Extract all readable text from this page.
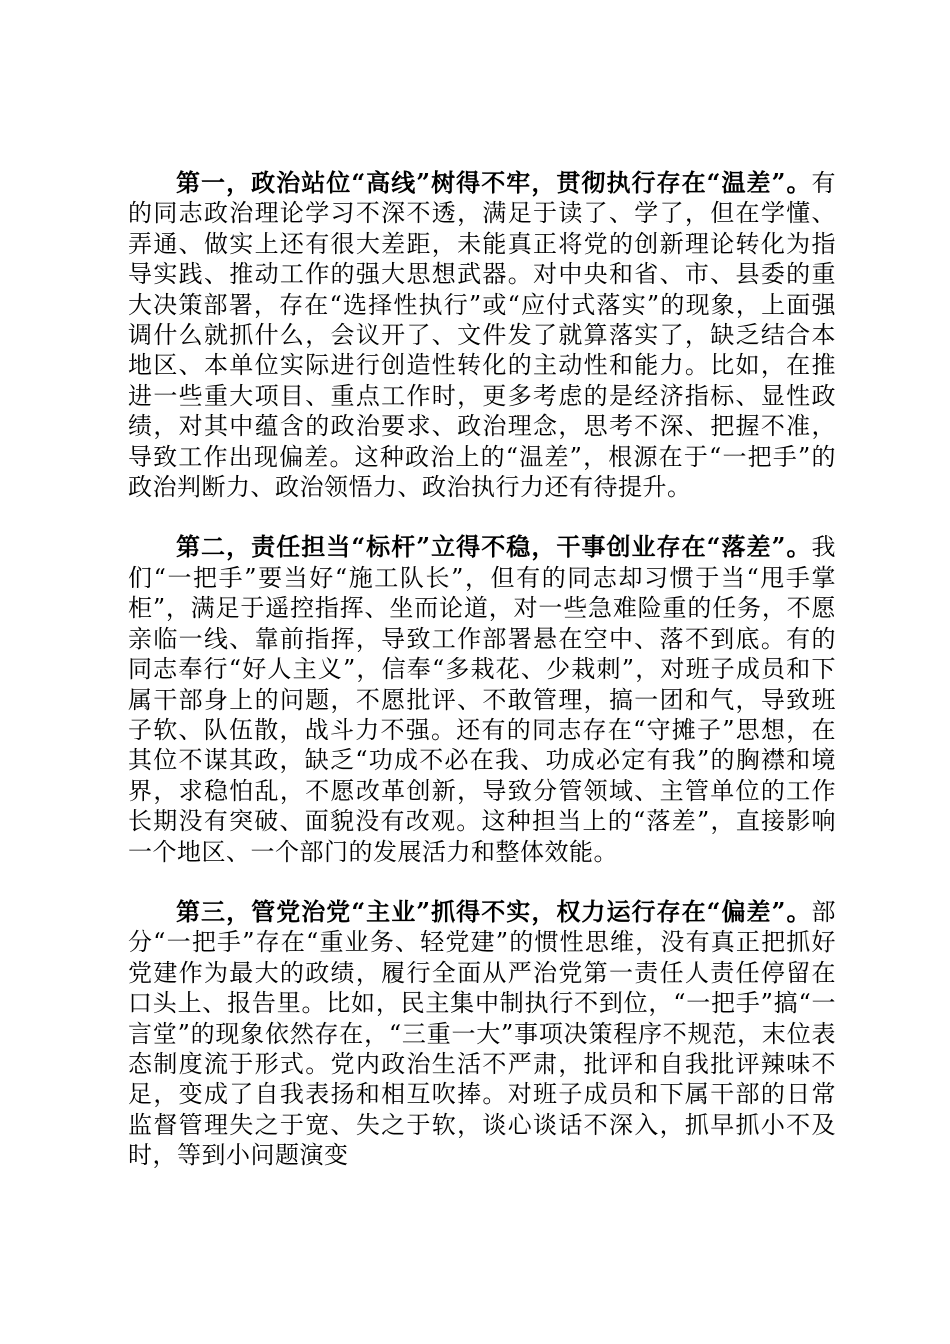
第一，政治站位“高线”树得不牢，贯彻执行存在“温差”。有的同志政治理论学习不深不透，满足于读了、学了，但在学懂、弄通、做实上还有很大差距，未能真正将党的创新理论转化为指导实践、推动工作的强大思想武器。对中央和省、市、县委的重大决策部署，存在“选择性执行”或“应付式落实”的现象，上面强调什么就抓什么，会议开了、文件发了就算落实了，缺乏结合本地区、本单位实际进行创造性转化的主动性和能力。比如，在推进一些重大项目、重点工作时，更多考虑的是经济指标、显性政绩，对其中蕴含的政治要求、政治理念，思考不深、把握不准，导致工作出现偏差。这种政治上的“温差”，根源在于“一把手”的政治判断力、政治领悟力、政治执行力还有待提升。

第二，责任担当“标杆”立得不稳，干事创业存在“落差”。我们“一把手”要当好“施工队长”，但有的同志却习惯于当“甩手掌柜”，满足于遥控指挥、坐而论道，对一些急难险重的任务，不愿亲临一线、靠前指挥，导致工作部署悬在空中、落不到底。有的同志奉行“好人主义”，信奉“多栽花、少栽刺”，对班子成员和下属干部身上的问题，不愿批评、不敢管理，搞一团和气，导致班子软、队伍散，战斗力不强。还有的同志存在“守摊子”思想，在其位不谋其政，缺乏“功成不必在我、功成必定有我”的胸襟和境界，求稳怕乱，不愿改革创新，导致分管领域、主管单位的工作长期没有突破、面貌没有改观。这种担当上的“落差”，直接影响一个地区、一个部门的发展活力和整体效能。

第三，管党治党“主业”抓得不实，权力运行存在“偏差”。部分“一把手”存在“重业务、轻党建”的惯性思维，没有真正把抓好党建作为最大的政绩，履行全面从严治党第一责任人责任停留在口头上、报告里。比如，民主集中制执行不到位，“一把手”搞“一言堂”的现象依然存在，“三重一大”事项决策程序不规范，末位表态制度流于形式。党内政治生活不严肃，批评和自我批评辣味不足，变成了自我表扬和相互吹捧。对班子成员和下属干部的日常监督管理失之于宽、失之于软，谈心谈话不深入，抓早抓小不及时，等到小问题演变
